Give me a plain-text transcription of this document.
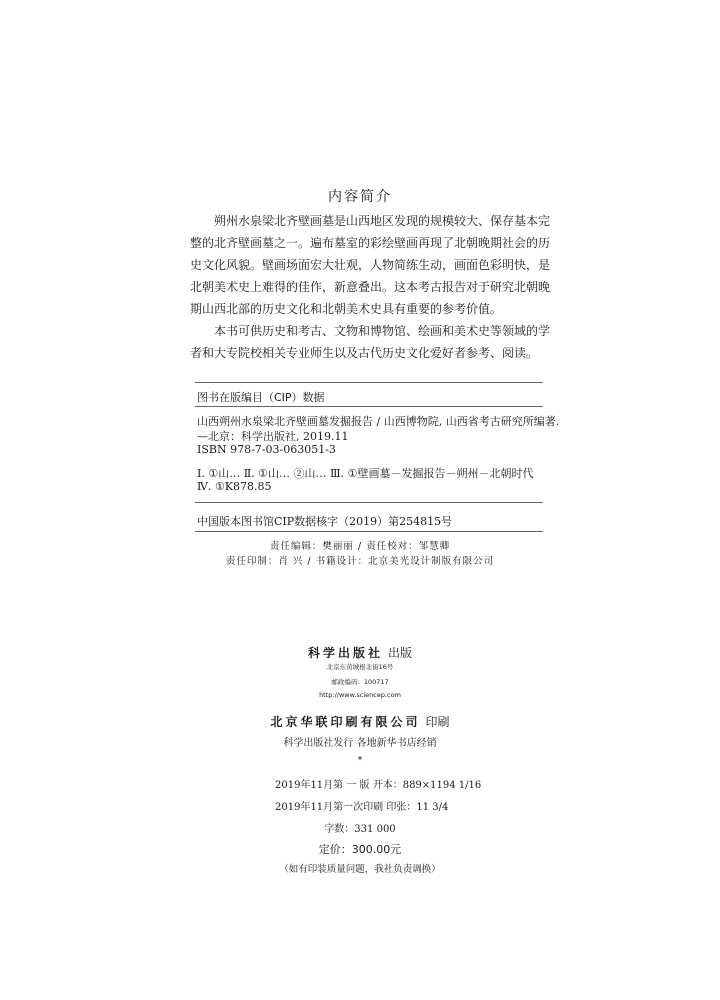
内容简介

朔州水泉梁北齐壁画墓是山西地区发现的规模较大、保存基本完整的北齐壁画墓之一。遍布墓室的彩绘壁画再现了北朝晚期社会的历史文化风貌。壁画场面宏大壮观，人物简练生动，画面色彩明快，是北朝美术史上难得的佳作，新意叠出。这本考古报告对于研究北朝晚期山西北部的历史文化和北朝美术史具有重要的参考价值。

本书可供历史和考古、文物和博物馆、绘画和美术史等领域的学者和大专院校相关专业师生以及古代历史文化爱好者参考、阅读。

图书在版编目（CIP）数据
山西朔州水泉梁北齐壁画墓发掘报告 / 山西博物院, 山西省考古研究所编著.
—北京：科学出版社, 2019.11
ISBN 978-7-03-063051-3
Ⅰ. ①山… Ⅱ. ①山… ②山… Ⅲ. ①壁画墓－发掘报告－朔州－北朝时代
Ⅳ. ①K878.85
中国版本图书馆CIP数据核字（2019）第254815号
责任编辑：樊丽丽 / 责任校对：邹慧卿
责任印制：肖 兴 / 书籍设计：北京美光设计制版有限公司
科学出版社 出版
北京东黄城根北街16号
邮政编码：100717
http://www.sciencep.com
北京华联印刷有限公司 印刷
科学出版社发行 各地新华书店经销
*
2019年11月第 一 版 开本：889×1194 1/16
2019年11月第一次印刷 印张：11 3/4
字数：331 000
定价：300.00元
（如有印装质量问题，我社负责调换）
